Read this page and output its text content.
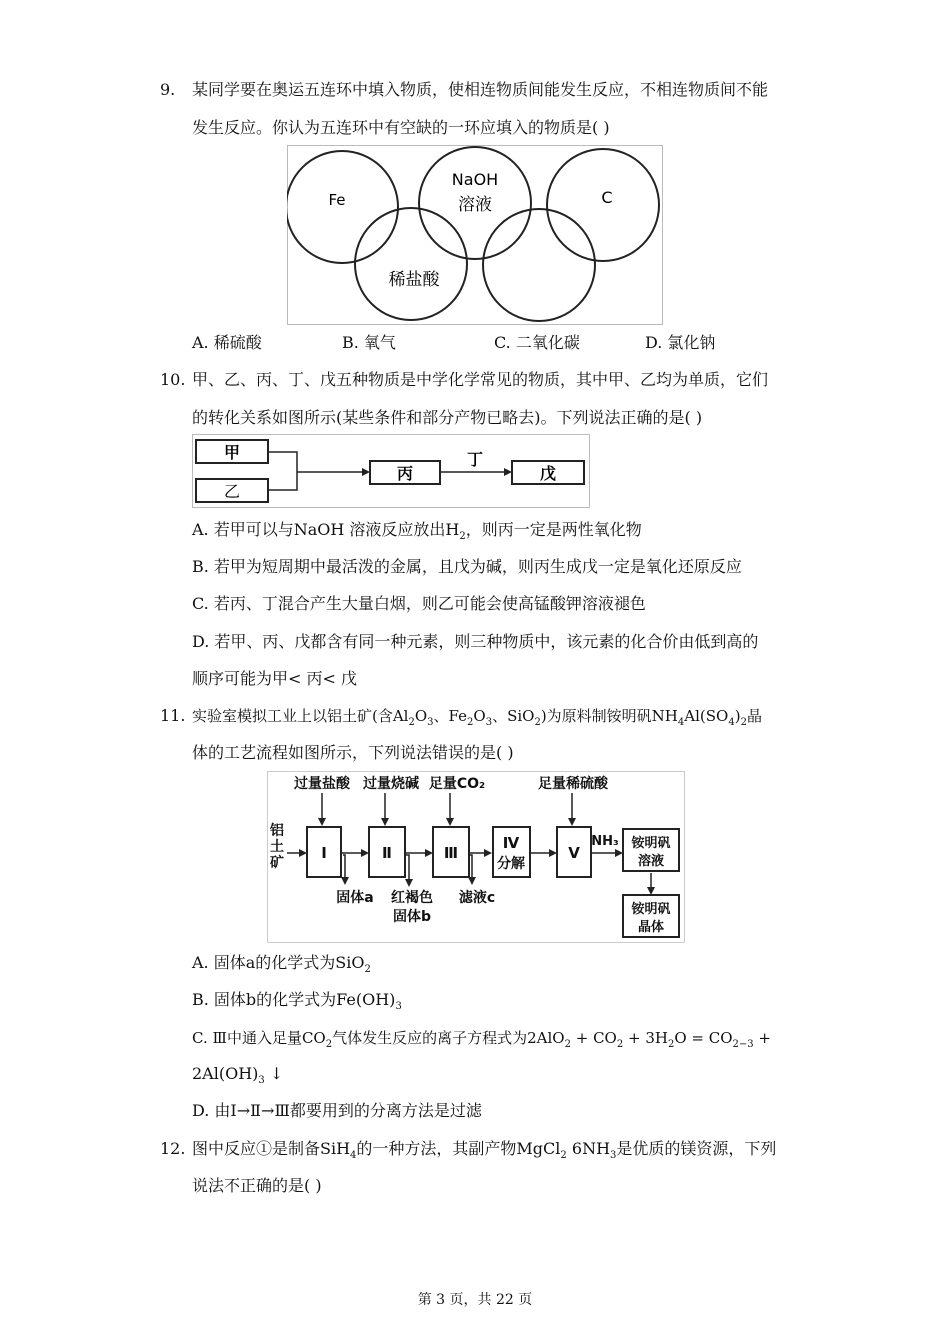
9. 某同学要在奥运五连环中填入物质，使相连物质间能发生反应，不相连物质间不能
发生反应。你认为五连环中有空缺的一环应填入的物质是( )
Fe
NaOH
溶液	C
稀盐酸
A. 稀硫酸	B. 氧气	C. 二氧化碳	D. 氯化钠
10. 甲、乙、丙、丁、戊五种物质是中学化学常见的物质，其中甲、乙均为单质，它们
的转化关系如图所示(某些条件和部分产物已略去)。下列说法正确的是( )
甲
乙
丙
丁
戊
A. 若甲可以与NaOH 溶液反应放出$H_2$，则丙一定是两性氧化物
B. 若甲为短周期中最活泼的金属，且戊为碱，则丙生成戊一定是氧化还原反应
C. 若丙、丁混合产生大量白烟，则乙可能会使高锰酸钾溶液褪色
D. 若甲、丙、戊都含有同一种元素，则三种物质中，该元素的化合价由低到高的
顺序可能为甲< 丙< 戊
11. 实验室模拟工业上以铝土矿(含$Al_2O_3$、$Fe_2O_3$、SiO$_2$)为原料制铵明矾$NH_4Al(SO_4)_2$晶
体的工艺流程如图所示，下列说法错误的是( )
过量盐酸 过量烧碱 足量CO₂	足量稀硫酸
铝
土
矿
Ⅰ	Ⅱ	Ⅲ
Ⅳ
分解
Ⅴ
NH₃ 铵明矾
溶液
铵明矾
晶体
固体a 红褐色
固体b
滤液c
A. 固体a的化学式为SiO$_2$
B. 固体b的化学式为$Fe(OH)_3$
C. Ⅲ中通入足量$CO_2$气体发生反应的离子方程式为$2AlO_2 + CO_2 + 3H_2O = CO_{2-3}$ +
$2Al(OH)_3$ ↓
D. 由Ⅰ→Ⅱ→Ⅲ都要用到的分离方法是过滤
12. 图中反应①是制备SiH$_4$的一种方法，其副产物MgCl$_2$ $6NH_3$是优质的镁资源，下列
说法不正确的是( )
第 3 页，共 22 页
